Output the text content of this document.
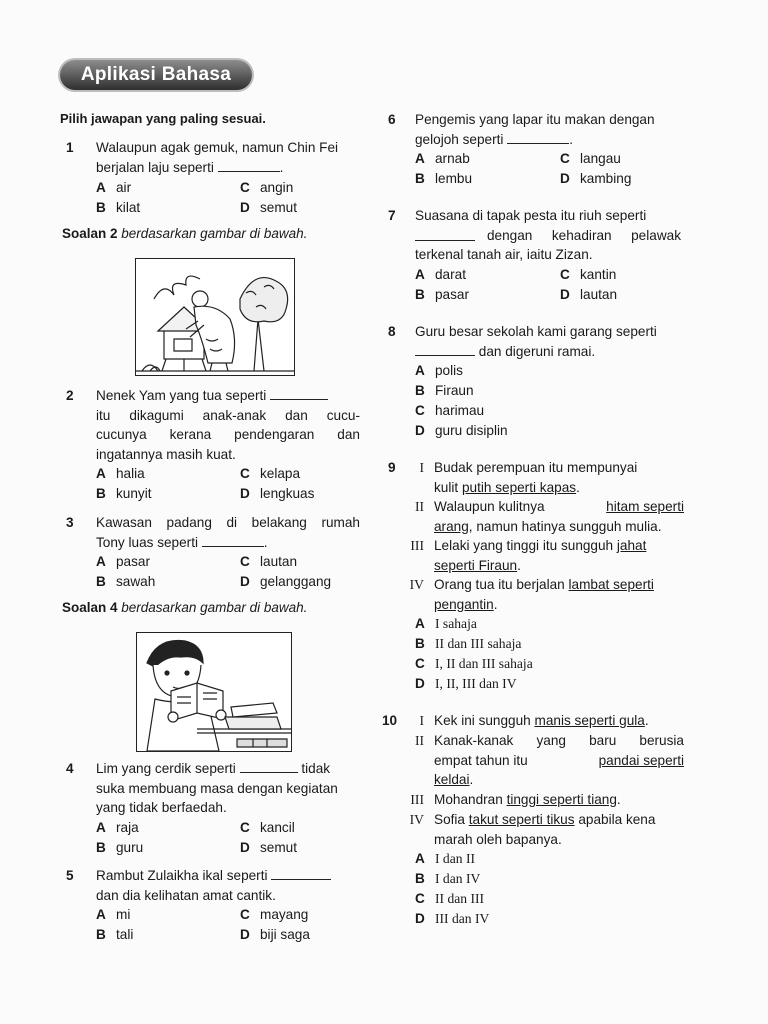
Aplikasi Bahasa
Pilih jawapan yang paling sesuai.
1 Walaupun agak gemuk, namun Chin Fei
berjalan laju seperti	.
A air
B kilat
C angin
D semut
Soalan 2 berdasarkan gambar di bawah.
2 Nenek Yam yang tua seperti
itu dikagumi anak-anak dan cucu-
cucunya kerana pendengaran dan
ingatannya masih kuat.
A halia
B kunyit
C kelapa
D lengkuas
3 Kawasan padang di belakang rumah
Tony luas seperti	.
A pasar
B sawah
C lautan
D gelanggang
Soalan 4 berdasarkan gambar di bawah.
4 Lim yang cerdik seperti	tidak
suka membuang masa dengan kegiatan
yang tidak berfaedah.
A raja
B guru
C kancil
D semut
5 Rambut Zulaikha ikal seperti
dan dia kelihatan amat cantik.
A mi
B tali
C mayang
D biji saga
6 Pengemis yang lapar itu makan dengan
gelojoh seperti	.
A arnab
B lembu
C langau
D kambing
7 Suasana di tapak pesta itu riuh seperti
dengan kehadiran pelawak
terkenal tanah air, iaitu Zizan.
A darat
B pasar
C kantin
D lautan
8 Guru besar sekolah kami garang seperti
dan digeruni ramai.
A polis
B Firaun
C harimau
D guru disiplin
9	I Budak perempuan itu mempunyai
kulit putih seperti kapas.
II Walaupun kulitnya	hitam seperti
arang, namun hatinya sungguh mulia.
III Lelaki yang tinggi itu sungguh jahat
seperti Firaun.
IV Orang tua itu berjalan lambat seperti
pengantin.
A I sahaja
B II dan III sahaja
C I, II dan III sahaja
D I, II, III dan IV
10	I Kek ini sungguh manis seperti gula.
II Kanak-kanak yang baru berusia
empat tahun itu	pandai seperti
keldai.
III Mohandran tinggi seperti tiang.
IV Sofia takut seperti tikus apabila kena
marah oleh bapanya.
A I dan II
B I dan IV
C II dan III
D III dan IV
